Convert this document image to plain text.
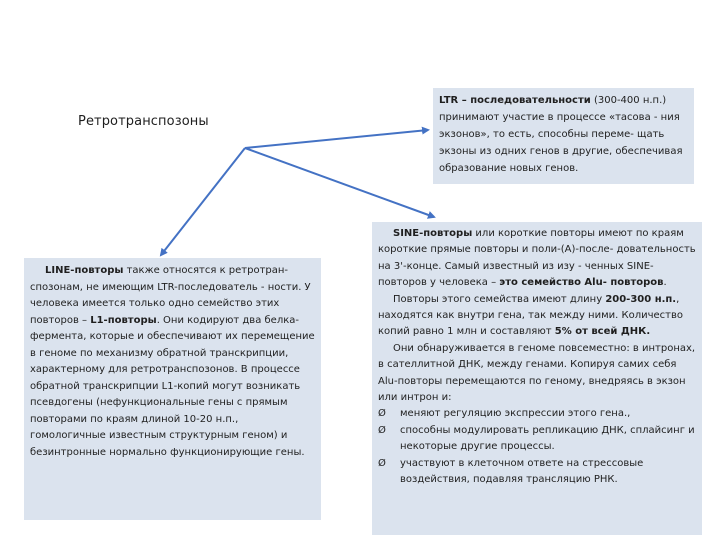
Ретротранспозоны

LTR – последовательности (300-400 н.п.) принимают участие в процессе «тасова - ния экзонов», то есть, способны переме- щать экзоны из одних генов в другие, обеспечивая образование новых генов.

LINE-повторы также относятся к ретротран- спозонам, не имеющим LTR-последователь - ности. У человека имеется только одно семейство этих повторов – L1-повторы. Они кодируют два белка-фермента, которые и обеспечивают их перемещение в геноме по механизму обратной транскрипции, характерному для ретротранспозонов. В процессе обратной транскрипции L1-копий могут возникать псевдогены (нефункциональные гены с прямым повторами по краям длиной 10-20 н.п., гомологичные известным структурным геном) и безинтронные нормально функционирующие гены.

SINE-повторы или короткие повторы имеют по краям короткие прямые повторы и поли-(А)-после- довательность на 3'-конце. Самый известный из изу - ченных SINE-повторов у человека – это семейство Alu- повторов.

Повторы этого семейства имеют длину 200-300 н.п., находятся как внутри гена, так между ними. Количество копий равно 1 млн и составляют 5% от всей ДНК.

Они обнаруживается в геноме повсеместно: в интронах, в сателлитной ДНК, между генами. Копируя самих себя Alu-повторы перемещаются по геному, внедряясь в экзон или интрон и:

Ø	меняют регуляцию экспрессии этого гена.,
Ø	способны модулировать репликацию ДНК, сплайсинг и некоторые другие процессы.
Ø	участвуют в клеточном ответе на стрессовые воздействия, подавляя трансляцию РНК.
